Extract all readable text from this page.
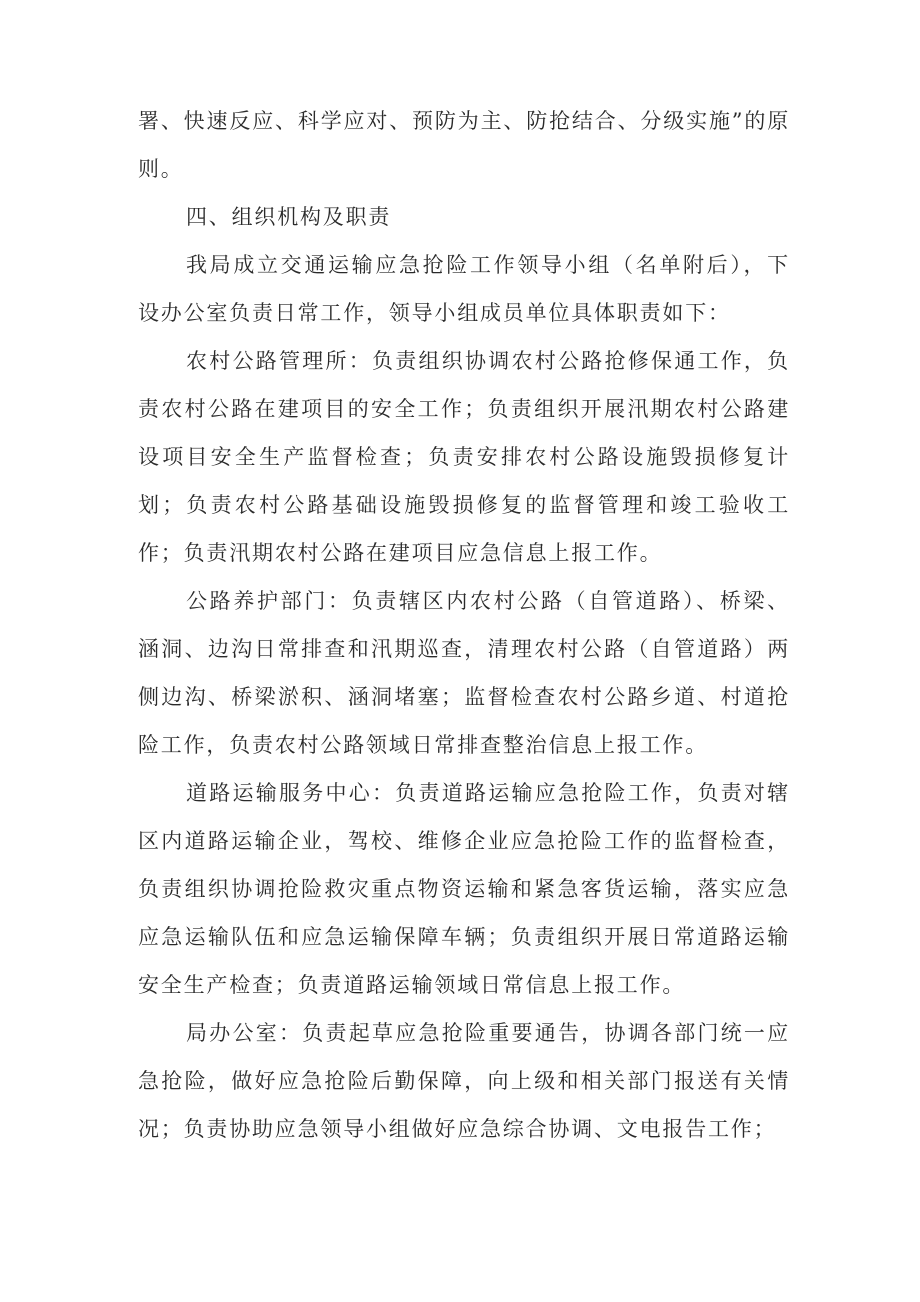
署、快速反应、科学应对、预防为主、防抢结合、分级实施”的原则。

四、组织机构及职责

我局成立交通运输应急抢险工作领导小组（名单附后），下设办公室负责日常工作，领导小组成员单位具体职责如下：

农村公路管理所：负责组织协调农村公路抢修保通工作，负责农村公路在建项目的安全工作；负责组织开展汛期农村公路建设项目安全生产监督检查；负责安排农村公路设施毁损修复计划；负责农村公路基础设施毁损修复的监督管理和竣工验收工作；负责汛期农村公路在建项目应急信息上报工作。

公路养护部门：负责辖区内农村公路（自管道路）、桥梁、涵洞、边沟日常排查和汛期巡查，清理农村公路（自管道路）两侧边沟、桥梁淤积、涵洞堵塞；监督检查农村公路乡道、村道抢险工作，负责农村公路领域日常排查整治信息上报工作。

道路运输服务中心：负责道路运输应急抢险工作，负责对辖区内道路运输企业，驾校、维修企业应急抢险工作的监督检查，负责组织协调抢险救灾重点物资运输和紧急客货运输，落实应急应急运输队伍和应急运输保障车辆；负责组织开展日常道路运输安全生产检查；负责道路运输领域日常信息上报工作。

局办公室：负责起草应急抢险重要通告，协调各部门统一应急抢险，做好应急抢险后勤保障，向上级和相关部门报送有关情况；负责协助应急领导小组做好应急综合协调、文电报告工作；
